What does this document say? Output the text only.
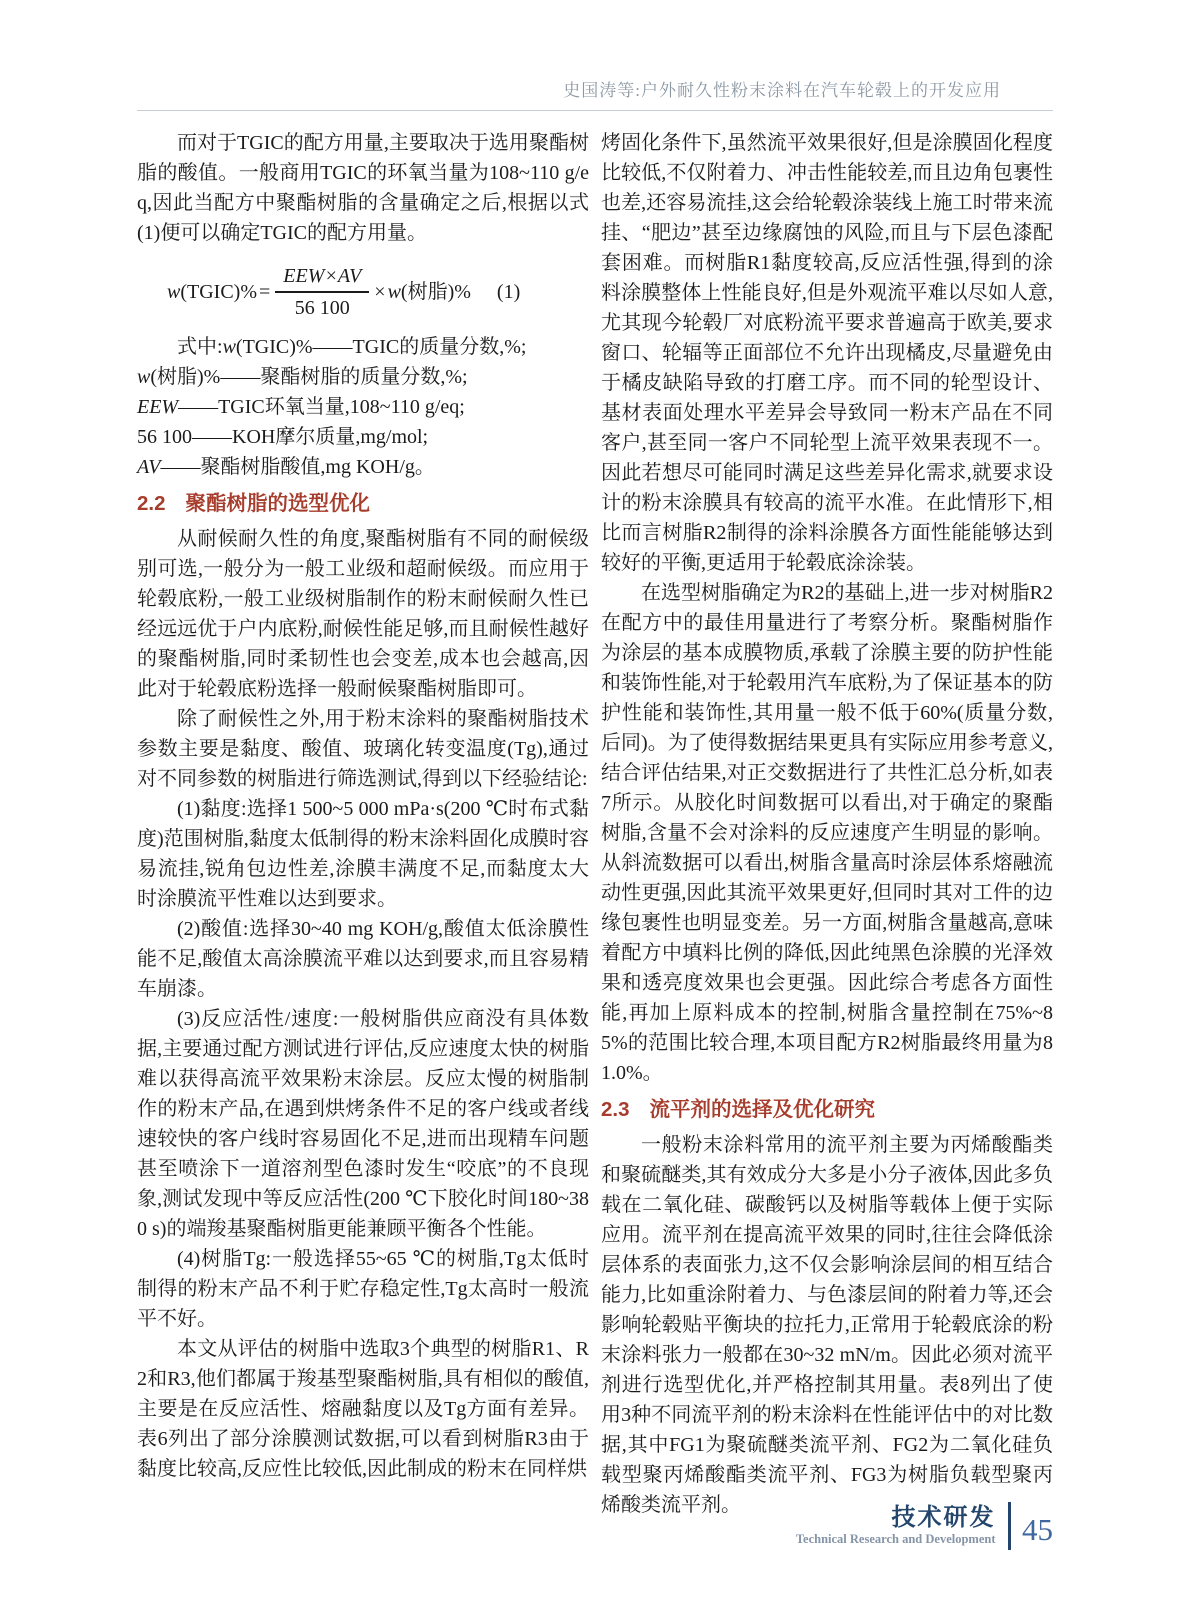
史国涛等:户外耐久性粉末涂料在汽车轮毂上的开发应用

而对于TGIC的配方用量,主要取决于选用聚酯树脂的酸值。一般商用TGIC的环氧当量为108~110 g/eq,因此当配方中聚酯树脂的含量确定之后,根据以式(1)便可以确定TGIC的配方用量。

w(TGIC)% = $\frac{\text{EEW×AV}}{56 100} \times w$(树脂)% (1)

式中:w(TGIC)%——TGIC的质量分数,%;

w(树脂)%——聚酯树脂的质量分数,%;

EEW——TGIC环氧当量,108~110 g/eq;

56 100——KOH摩尔质量,mg/mol;

AV——聚酯树脂酸值,mg KOH/g。

2.2 聚酯树脂的选型优化

从耐候耐久性的角度,聚酯树脂有不同的耐候级别可选,一般分为一般工业级和超耐候级。而应用于轮毂底粉,一般工业级树脂制作的粉末耐候耐久性已经远远优于户内底粉,耐候性能足够,而且耐候性越好的聚酯树脂,同时柔韧性也会变差,成本也会越高,因此对于轮毂底粉选择一般耐候聚酯树脂即可。

除了耐候性之外,用于粉末涂料的聚酯树脂技术参数主要是黏度、酸值、玻璃化转变温度(Tg),通过对不同参数的树脂进行筛选测试,得到以下经验结论:

(1)黏度:选择1 500~5 000 mPa·s(200 ℃时布式黏度)范围树脂,黏度太低制得的粉末涂料固化成膜时容易流挂,锐角包边性差,涂膜丰满度不足,而黏度太大时涂膜流平性难以达到要求。

(2)酸值:选择30~40 mg KOH/g,酸值太低涂膜性能不足,酸值太高涂膜流平难以达到要求,而且容易精车崩漆。

(3)反应活性/速度:一般树脂供应商没有具体数据,主要通过配方测试进行评估,反应速度太快的树脂难以获得高流平效果粉末涂层。反应太慢的树脂制作的粉末产品,在遇到烘烤条件不足的客户线或者线速较快的客户线时容易固化不足,进而出现精车问题甚至喷涂下一道溶剂型色漆时发生“咬底”的不良现象,测试发现中等反应活性(200 ℃下胶化时间180~380 s)的端羧基聚酯树脂更能兼顾平衡各个性能。

(4)树脂Tg:一般选择55~65 ℃的树脂,Tg太低时制得的粉末产品不利于贮存稳定性,Tg太高时一般流平不好。

本文从评估的树脂中选取3个典型的树脂R1、R2和R3,他们都属于羧基型聚酯树脂,具有相似的酸值,主要是在反应活性、熔融黏度以及Tg方面有差异。表6列出了部分涂膜测试数据,可以看到树脂R3由于黏度比较高,反应性比较低,因此制成的粉末在同样烘

烤固化条件下,虽然流平效果很好,但是涂膜固化程度比较低,不仅附着力、冲击性能较差,而且边角包裹性也差,还容易流挂,这会给轮毂涂装线上施工时带来流挂、“肥边”甚至边缘腐蚀的风险,而且与下层色漆配套困难。而树脂R1黏度较高,反应活性强,得到的涂料涂膜整体上性能良好,但是外观流平难以尽如人意,尤其现今轮毂厂对底粉流平要求普遍高于欧美,要求窗口、轮辐等正面部位不允许出现橘皮,尽量避免由于橘皮缺陷导致的打磨工序。而不同的轮型设计、基材表面处理水平差异会导致同一粉末产品在不同客户,甚至同一客户不同轮型上流平效果表现不一。因此若想尽可能同时满足这些差异化需求,就要求设计的粉末涂膜具有较高的流平水准。在此情形下,相比而言树脂R2制得的涂料涂膜各方面性能能够达到较好的平衡,更适用于轮毂底涂涂装。

在选型树脂确定为R2的基础上,进一步对树脂R2在配方中的最佳用量进行了考察分析。聚酯树脂作为涂层的基本成膜物质,承载了涂膜主要的防护性能和装饰性能,对于轮毂用汽车底粉,为了保证基本的防护性能和装饰性,其用量一般不低于60%(质量分数,后同)。为了使得数据结果更具有实际应用参考意义,结合评估结果,对正交数据进行了共性汇总分析,如表7所示。从胶化时间数据可以看出,对于确定的聚酯树脂,含量不会对涂料的反应速度产生明显的影响。从斜流数据可以看出,树脂含量高时涂层体系熔融流动性更强,因此其流平效果更好,但同时其对工件的边缘包裹性也明显变差。另一方面,树脂含量越高,意味着配方中填料比例的降低,因此纯黑色涂膜的光泽效果和透亮度效果也会更强。因此综合考虑各方面性能,再加上原料成本的控制,树脂含量控制在75%~85%的范围比较合理,本项目配方R2树脂最终用量为81.0%。

2.3 流平剂的选择及优化研究

一般粉末涂料常用的流平剂主要为丙烯酸酯类和聚硫醚类,其有效成分大多是小分子液体,因此多负载在二氧化硅、碳酸钙以及树脂等载体上便于实际应用。流平剂在提高流平效果的同时,往往会降低涂层体系的表面张力,这不仅会影响涂层间的相互结合能力,比如重涂附着力、与色漆层间的附着力等,还会影响轮毂贴平衡块的拉托力,正常用于轮毂底涂的粉末涂料张力一般都在30~32 mN/m。因此必须对流平剂进行选型优化,并严格控制其用量。表8列出了使用3种不同流平剂的粉末涂料在性能评估中的对比数据,其中FG1为聚硫醚类流平剂、FG2为二氧化硅负载型聚丙烯酸酯类流平剂、FG3为树脂负载型聚丙烯酸类流平剂。	技术研发
Technical Research and Development 45
